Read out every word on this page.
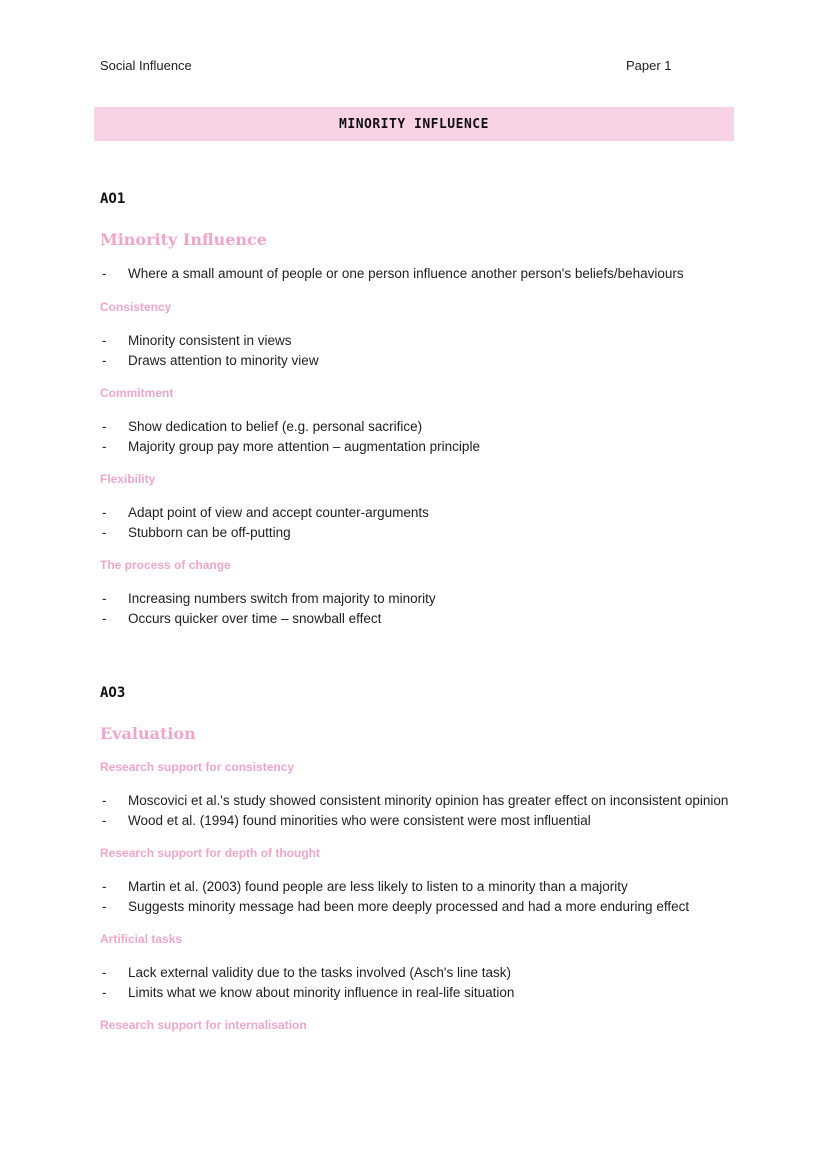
Social Influence	Paper 1
MINORITY INFLUENCE
AO1
Minority Influence
- Where a small amount of people or one person influence another person's beliefs/behaviours
Consistency
- Minority consistent in views
- Draws attention to minority view
Commitment
- Show dedication to belief (e.g. personal sacrifice)
- Majority group pay more attention – augmentation principle
Flexibility
- Adapt point of view and accept counter-arguments
- Stubborn can be off-putting
The process of change
- Increasing numbers switch from majority to minority
- Occurs quicker over time – snowball effect
AO3
Evaluation
Research support for consistency
- Moscovici et al.'s study showed consistent minority opinion has greater effect on inconsistent opinion
- Wood et al. (1994) found minorities who were consistent were most influential
Research support for depth of thought
- Martin et al. (2003) found people are less likely to listen to a minority than a majority
- Suggests minority message had been more deeply processed and had a more enduring effect
Artificial tasks
- Lack external validity due to the tasks involved (Asch's line task)
- Limits what we know about minority influence in real-life situation
Research support for internalisation
